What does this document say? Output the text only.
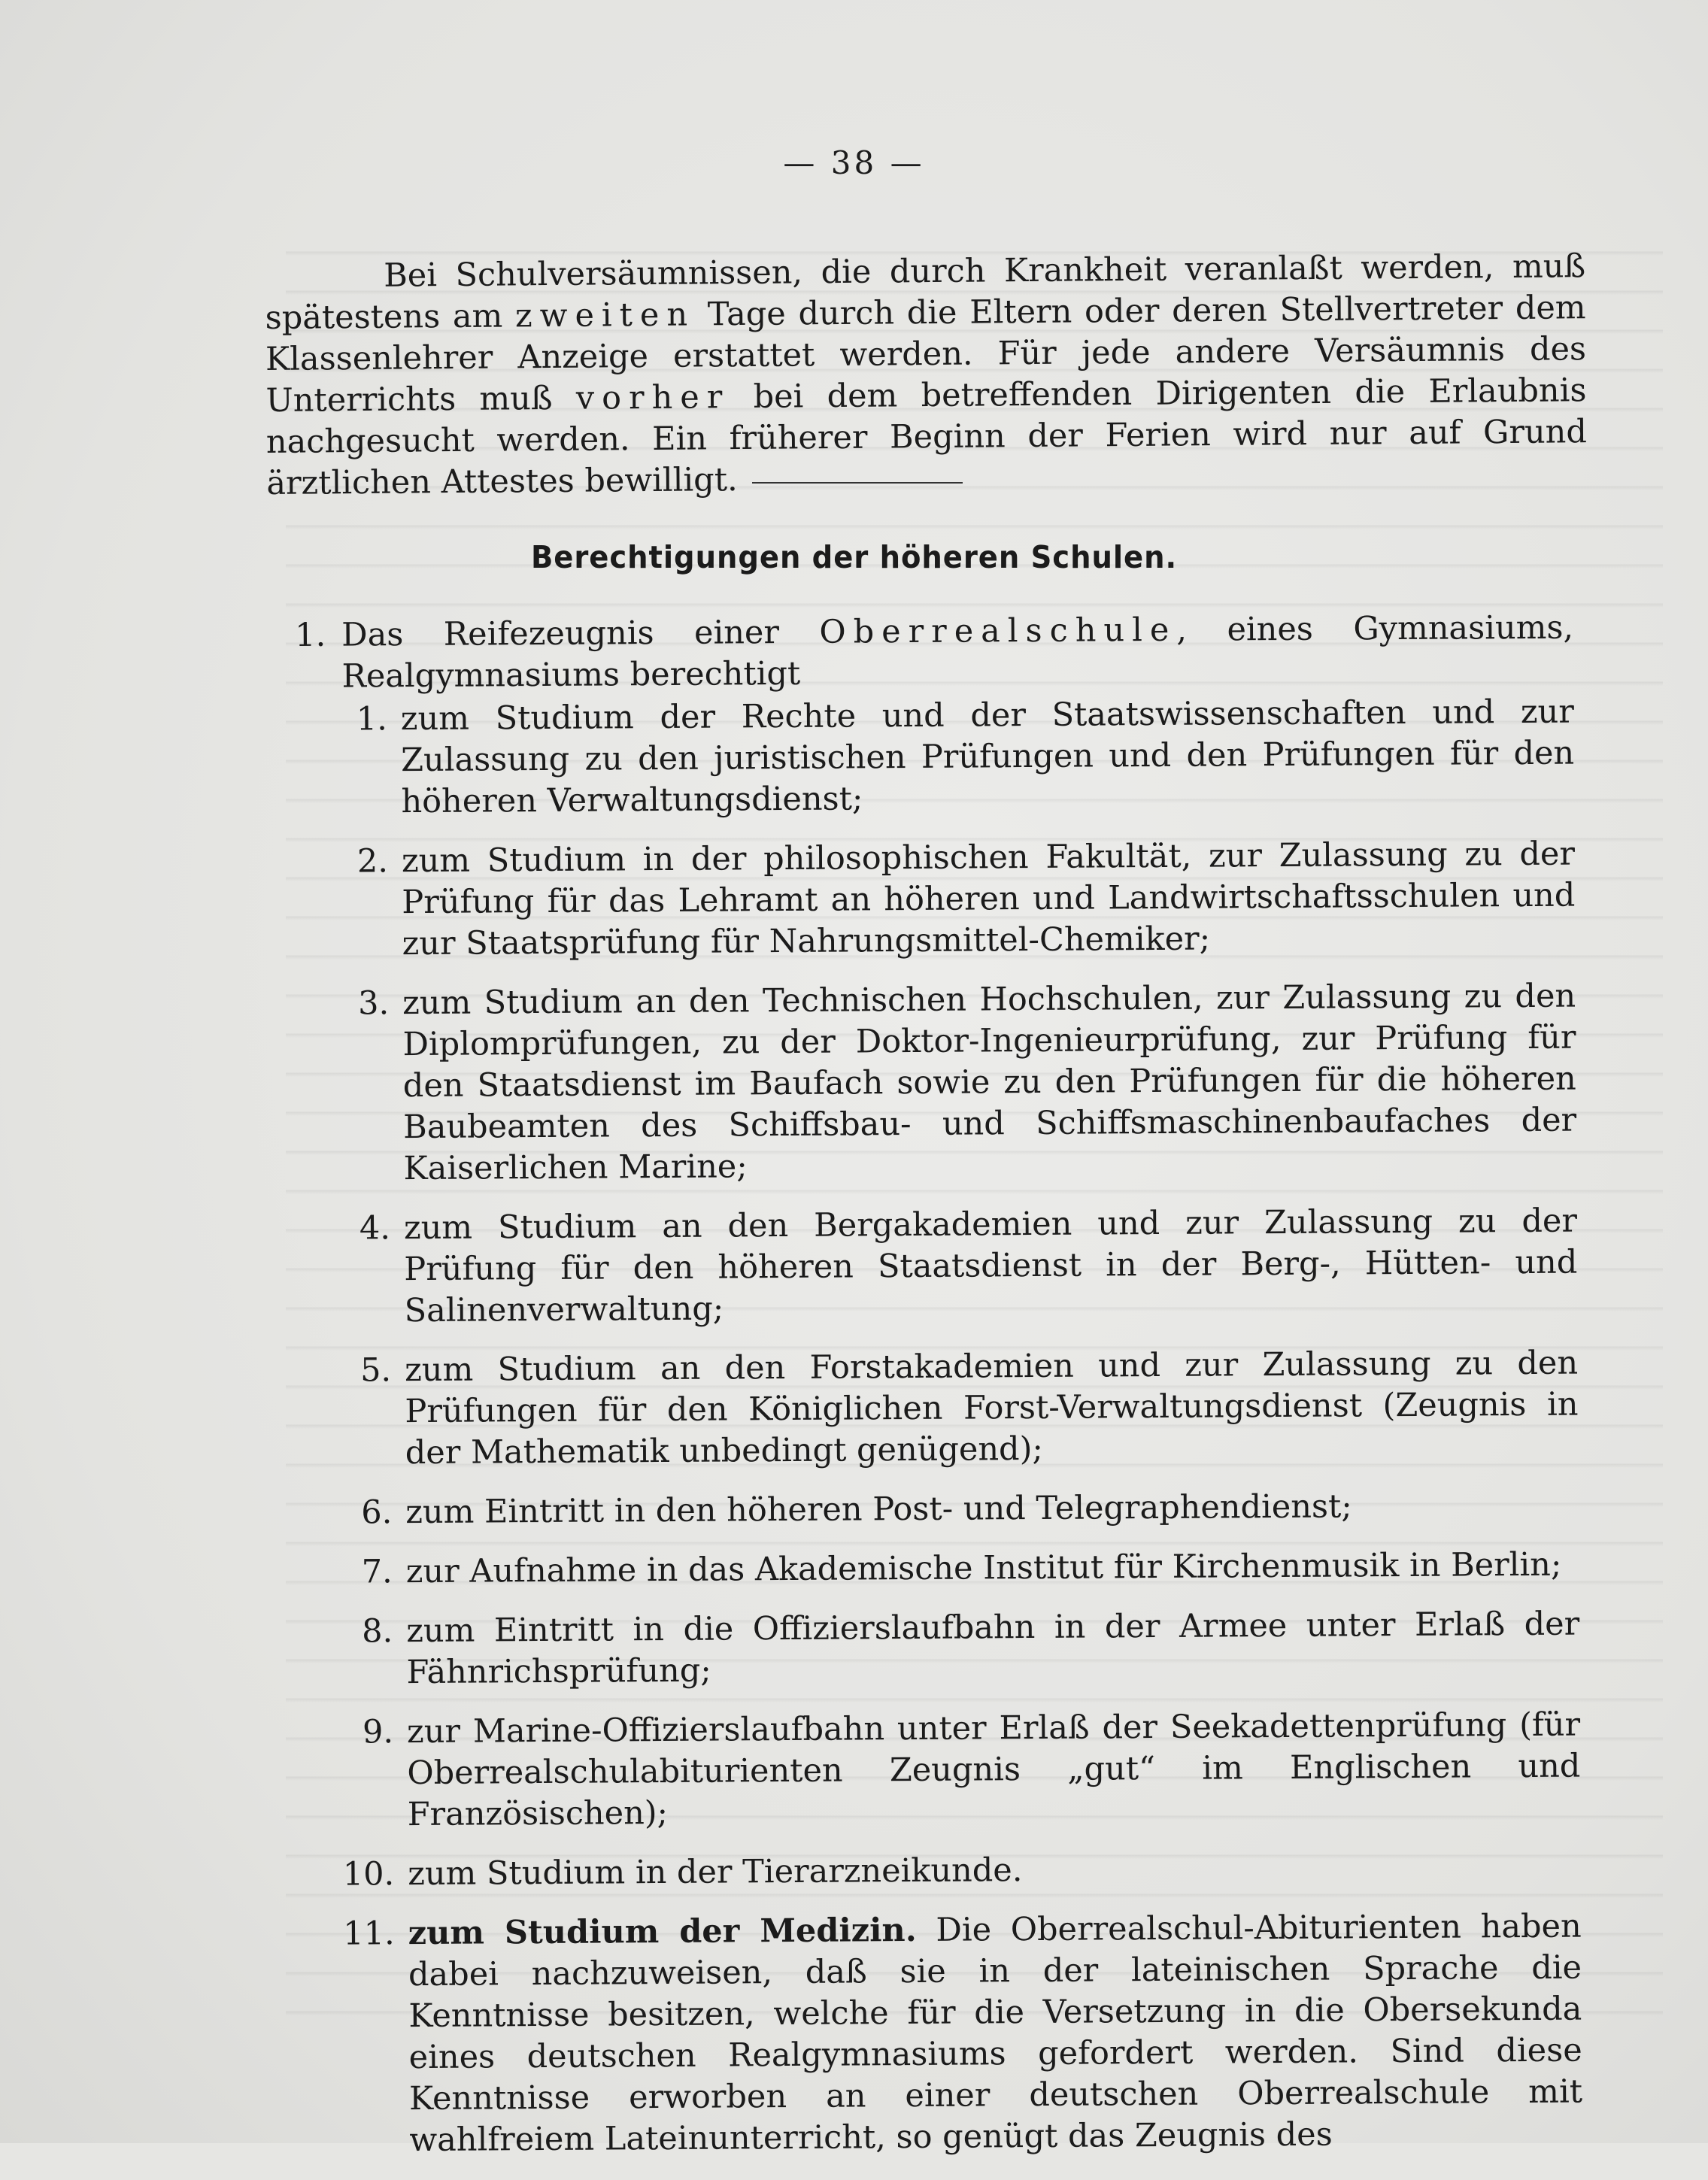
— 38 —

Bei Schulversäumnissen, die durch Krankheit veranlaßt werden, muß spätestens am zweiten Tage durch die Eltern oder deren Stellvertreter dem Klassenlehrer Anzeige erstattet werden. Für jede andere Versäumnis des Unterrichts muß vorher bei dem betreffenden Dirigenten die Erlaubnis nachgesucht werden. Ein früherer Beginn der Ferien wird nur auf Grund ärztlichen Attestes bewilligt.

Berechtigungen der höheren Schulen.
1. Das Reifezeugnis einer Oberrealschule, eines Gymnasiums, Realgymnasiums berechtigt
1. zum Studium der Rechte und der Staatswissenschaften und zur Zulassung zu den juristischen Prüfungen und den Prüfungen für den höheren Verwaltungsdienst;
2. zum Studium in der philosophischen Fakultät, zur Zulassung zu der Prüfung für das Lehramt an höheren und Landwirtschaftsschulen und zur Staatsprüfung für Nahrungsmittel-Chemiker;
3. zum Studium an den Technischen Hochschulen, zur Zulassung zu den Diplomprüfungen, zu der Doktor-Ingenieurprüfung, zur Prüfung für den Staatsdienst im Baufach sowie zu den Prüfungen für die höheren Baubeamten des Schiffsbau- und Schiffsmaschinenbaufaches der Kaiserlichen Marine;
4. zum Studium an den Bergakademien und zur Zulassung zu der Prüfung für den höheren Staatsdienst in der Berg-, Hütten- und Salinenverwaltung;
5. zum Studium an den Forstakademien und zur Zulassung zu den Prüfungen für den Königlichen Forst-Verwaltungsdienst (Zeugnis in der Mathematik unbedingt genügend);
6. zum Eintritt in den höheren Post- und Telegraphendienst;
7. zur Aufnahme in das Akademische Institut für Kirchenmusik in Berlin;
8. zum Eintritt in die Offizierslaufbahn in der Armee unter Erlaß der Fähnrichsprüfung;
9. zur Marine-Offizierslaufbahn unter Erlaß der Seekadettenprüfung (für Oberrealschulabiturienten Zeugnis „gut“ im Englischen und Französischen);
10. zum Studium in der Tierarzneikunde.
11. zum Studium der Medizin. Die Oberrealschul-Abiturienten haben dabei nachzuweisen, daß sie in der lateinischen Sprache die Kenntnisse besitzen, welche für die Versetzung in die Obersekunda eines deutschen Realgymnasiums gefordert werden. Sind diese Kenntnisse erworben an einer deutschen Oberrealschule mit wahlfreiem Lateinunterricht, so genügt das Zeugnis des
